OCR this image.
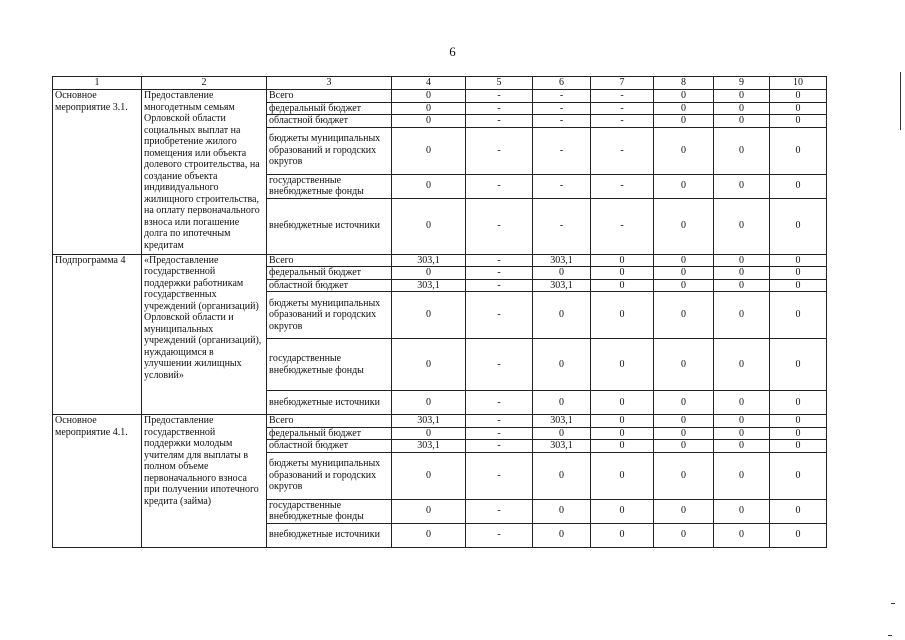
6
1	2	3	4	5	6	7	8	9	10
Основное мероприятие 3.1.	Предоставление многодетным семьям Орловской области социальных выплат на приобретение жилого помещения или объекта долевого строительства, на создание объекта индивидуального жилищного строительства, на оплату первоначального взноса или погашение долга по ипотечным кредитам	Всего	0	-	-	-	0	0	0
		федеральный бюджет	0	-	-	-	0	0	0
		областной бюджет	0	-	-	-	0	0	0
		бюджеты муниципальных образований и городских округов	0	-	-	-	0	0	0
		государственные внебюджетные фонды	0	-	-	-	0	0	0
		внебюджетные источники	0	-	-	-	0	0	0
Подпрограмма 4	«Предоставление государственной поддержки работникам государственных учреждений (организаций) Орловской области и муниципальных учреждений (организаций), нуждающимся в улучшении жилищных условий»	Всего	303,1	-	303,1	0	0	0	0
		федеральный бюджет	0	-	0	0	0	0	0
		областной бюджет	303,1	-	303,1	0	0	0	0
		бюджеты муниципальных образований и городских округов	0	-	0	0	0	0	0
		государственные внебюджетные фонды	0	-	0	0	0	0	0
		внебюджетные источники	0	-	0	0	0	0	0
Основное мероприятие 4.1.	Предоставление государственной поддержки молодым учителям для выплаты в полном объеме первоначального взноса при получении ипотечного кредита (займа)	Всего	303,1	-	303,1	0	0	0	0
		федеральный бюджет	0	-	0	0	0	0	0
		областной бюджет	303,1	-	303,1	0	0	0	0
		бюджеты муниципальных образований и городских округов	0	-	0	0	0	0	0
		государственные внебюджетные фонды	0	-	0	0	0	0	0
		внебюджетные источники	0	-	0	0	0	0	0
